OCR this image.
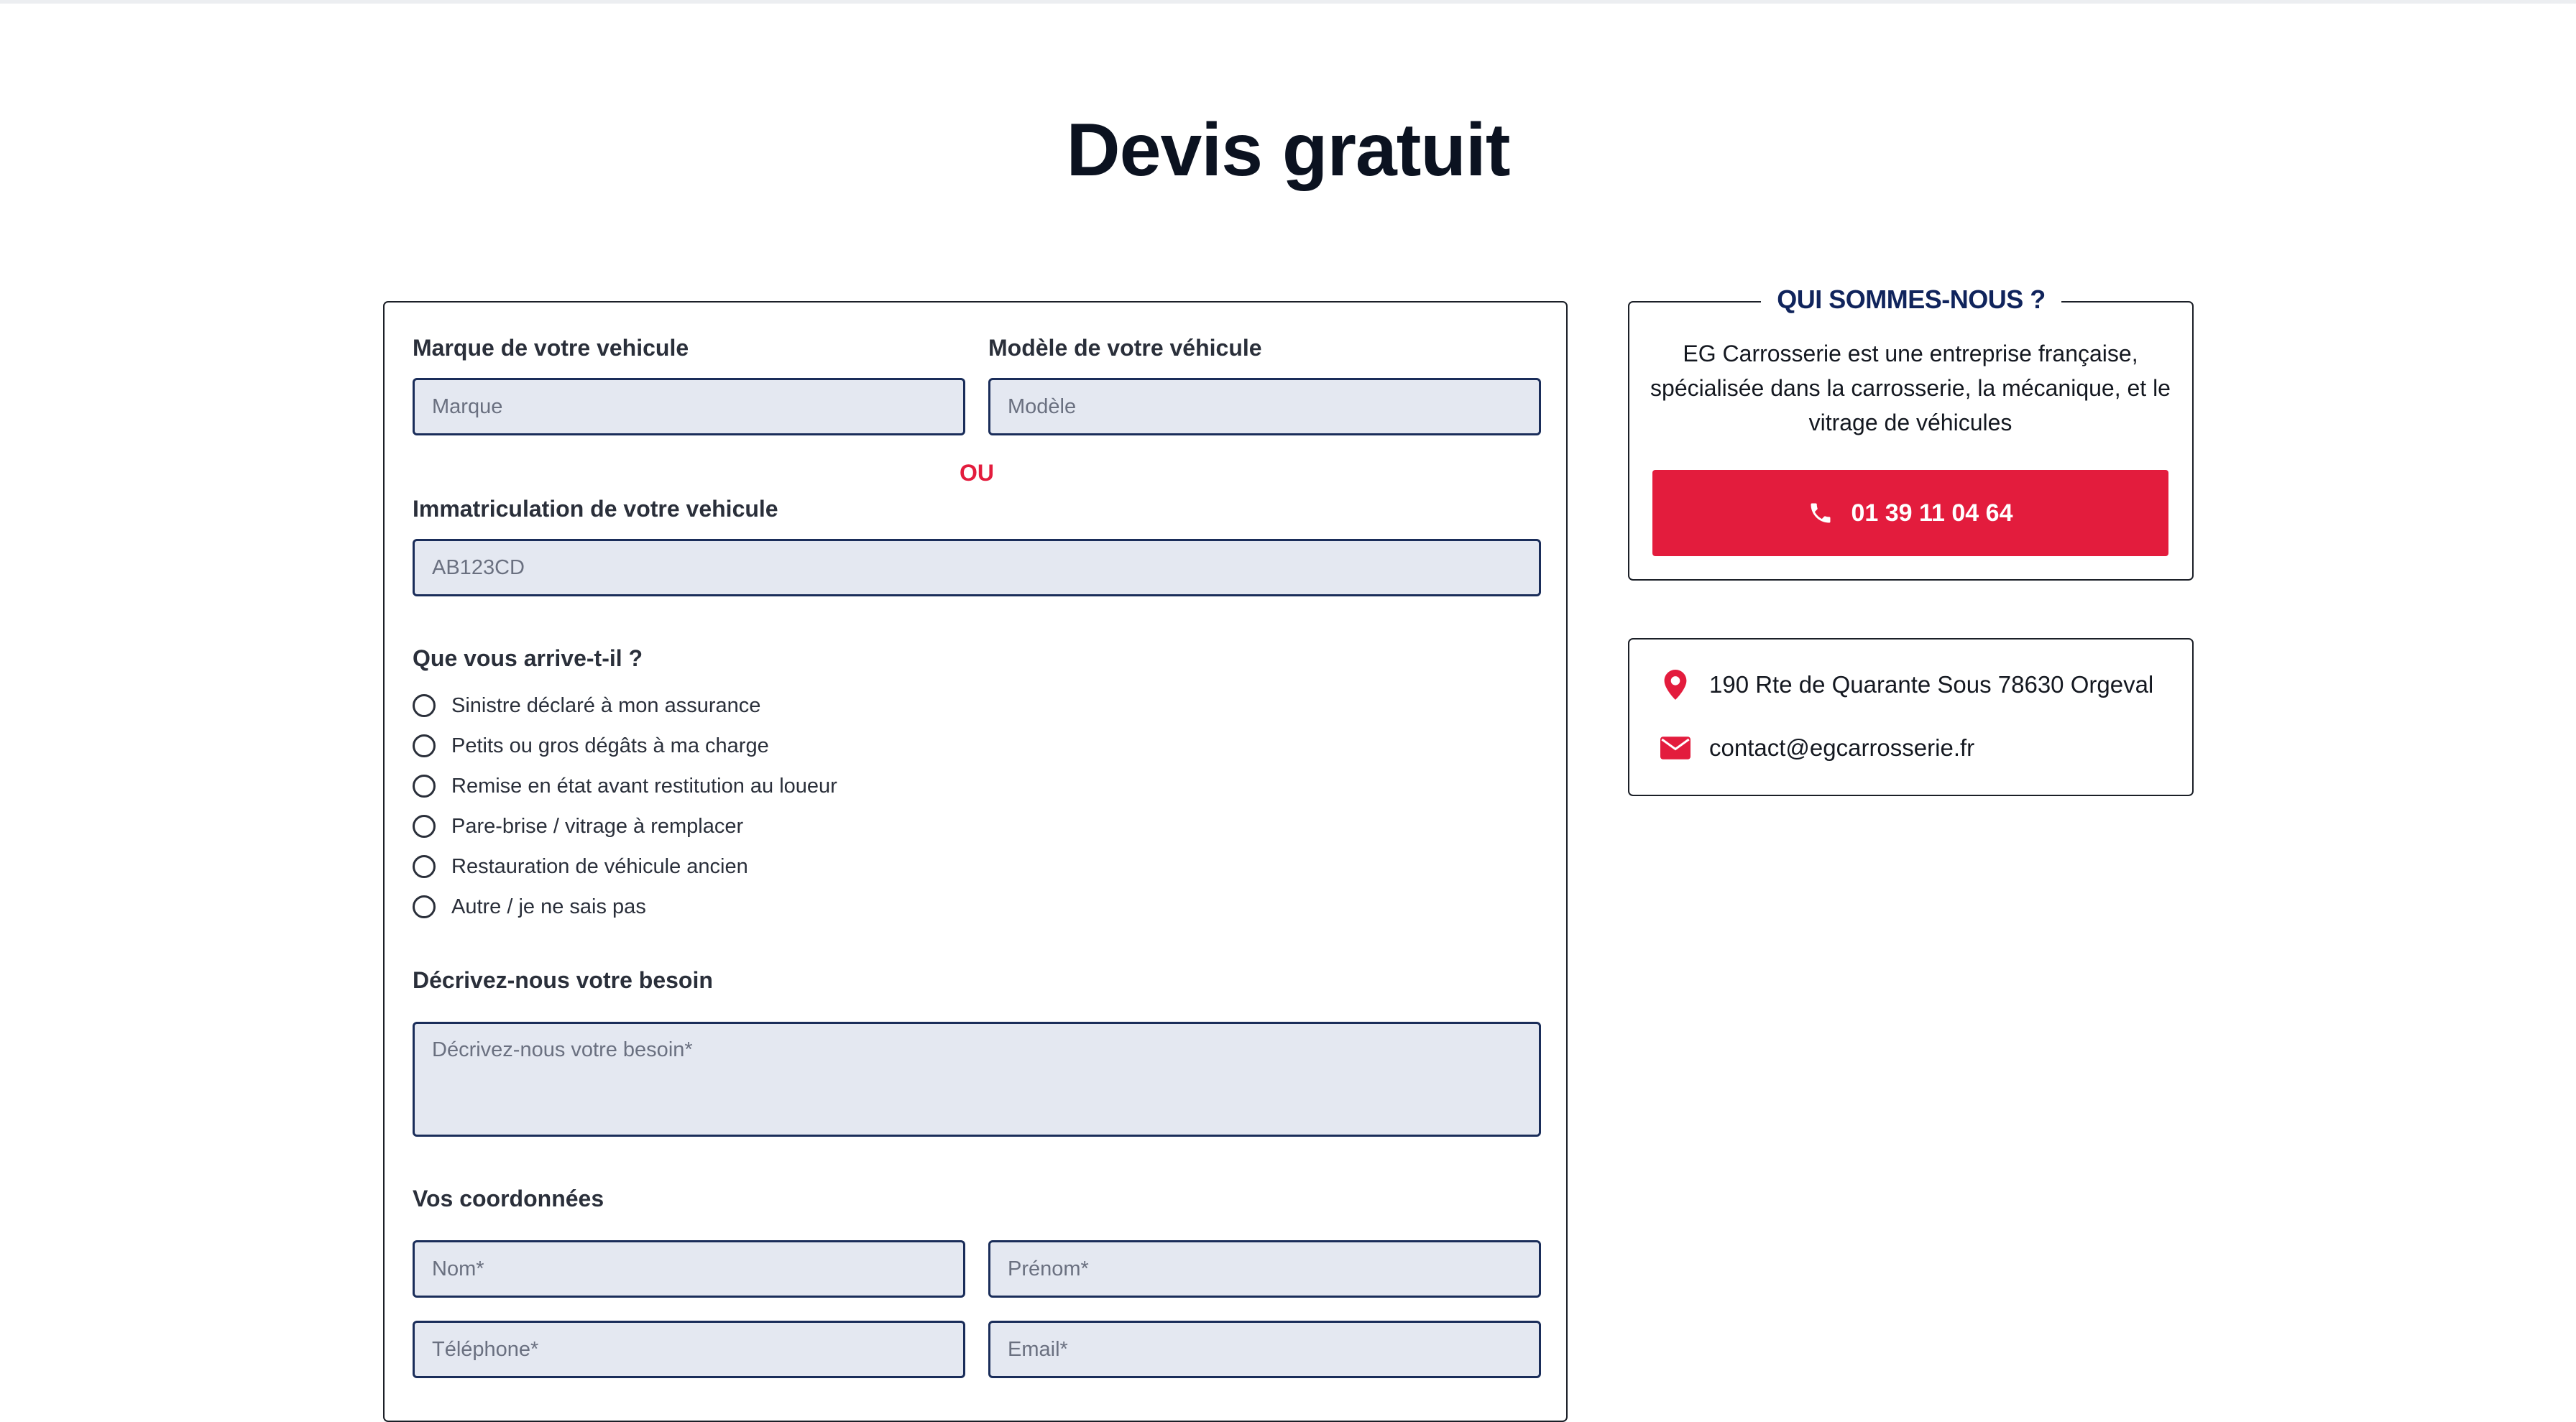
Devis gratuit

Marque de votre vehicule

Marque	Modèle de votre véhicule

Modèle
OU

Immatriculation de votre vehicule

AB123CD

Que vous arrive-t-il ?

Sinistre déclaré à mon assurance
Petits ou gros dégâts à ma charge
Remise en état avant restitution au loueur
Pare-brise / vitrage à remplacer
Restauration de véhicule ancien
Autre / je ne sais pas

Décrivez-nous votre besoin

Décrivez-nous votre besoin*

Vos coordonnées

Nom*
Prénom*
Téléphone*
Email*
QUI SOMMES-NOUS ?

EG Carrosserie est une entreprise française, spécialisée dans la carrosserie, la mécanique, et le vitrage de véhicules

01 39 11 04 64
190 Rte de Quarante Sous 78630 Orgeval
contact@egcarrosserie.fr
